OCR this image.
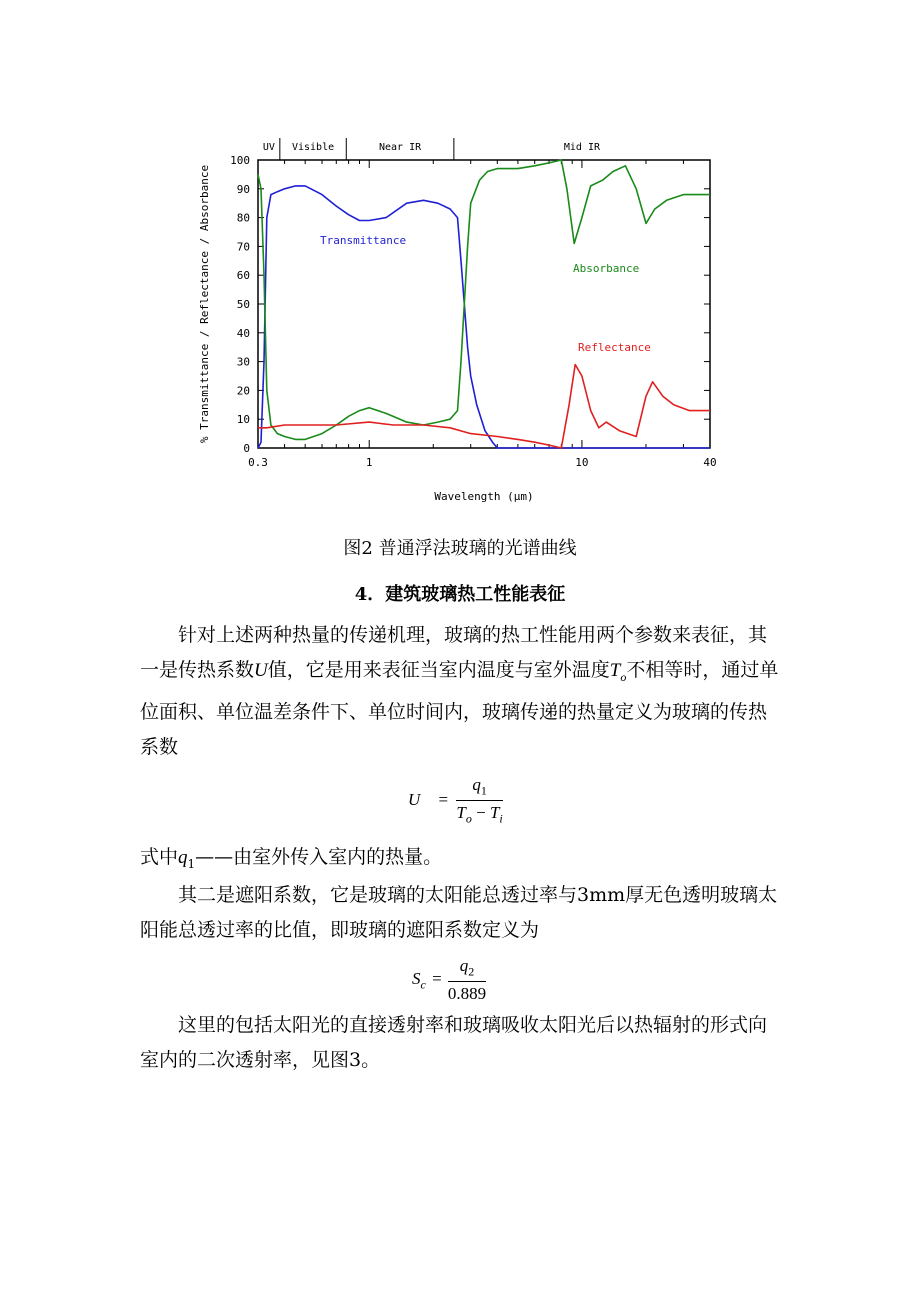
UV Visible	Near IR	Mid IR
0
10
20
30
40
50
60
70
80
90
100
0.3	1	10	40
Transmittance
Absorbance
Reflectance
Wavelength (µm)
% Transmittance / Reflectance / Absorbance
图2 普通浮法玻璃的光谱曲线
4．建筑玻璃热工性能表征

针对上述两种热量的传递机理，玻璃的热工性能用两个参数来表征，其一是传热系数U值，它是用来表征当室内温度与室外温度$T_o$不相等时，通过单位面积、单位温差条件下、单位时间内，玻璃传递的热量定义为玻璃的传热系数

$U = \frac{q_1}{T_o - T_i}$

式中$q_1——$由室外传入室内的热量。

其二是遮阳系数，它是玻璃的太阳能总透过率与3mm厚无色透明玻璃太阳能总透过率的比值，即玻璃的遮阳系数定义为

$S_c = \frac{q_2}{0.889}$

这里的包括太阳光的直接透射率和玻璃吸收太阳光后以热辐射的形式向室内的二次透射率，见图3。
